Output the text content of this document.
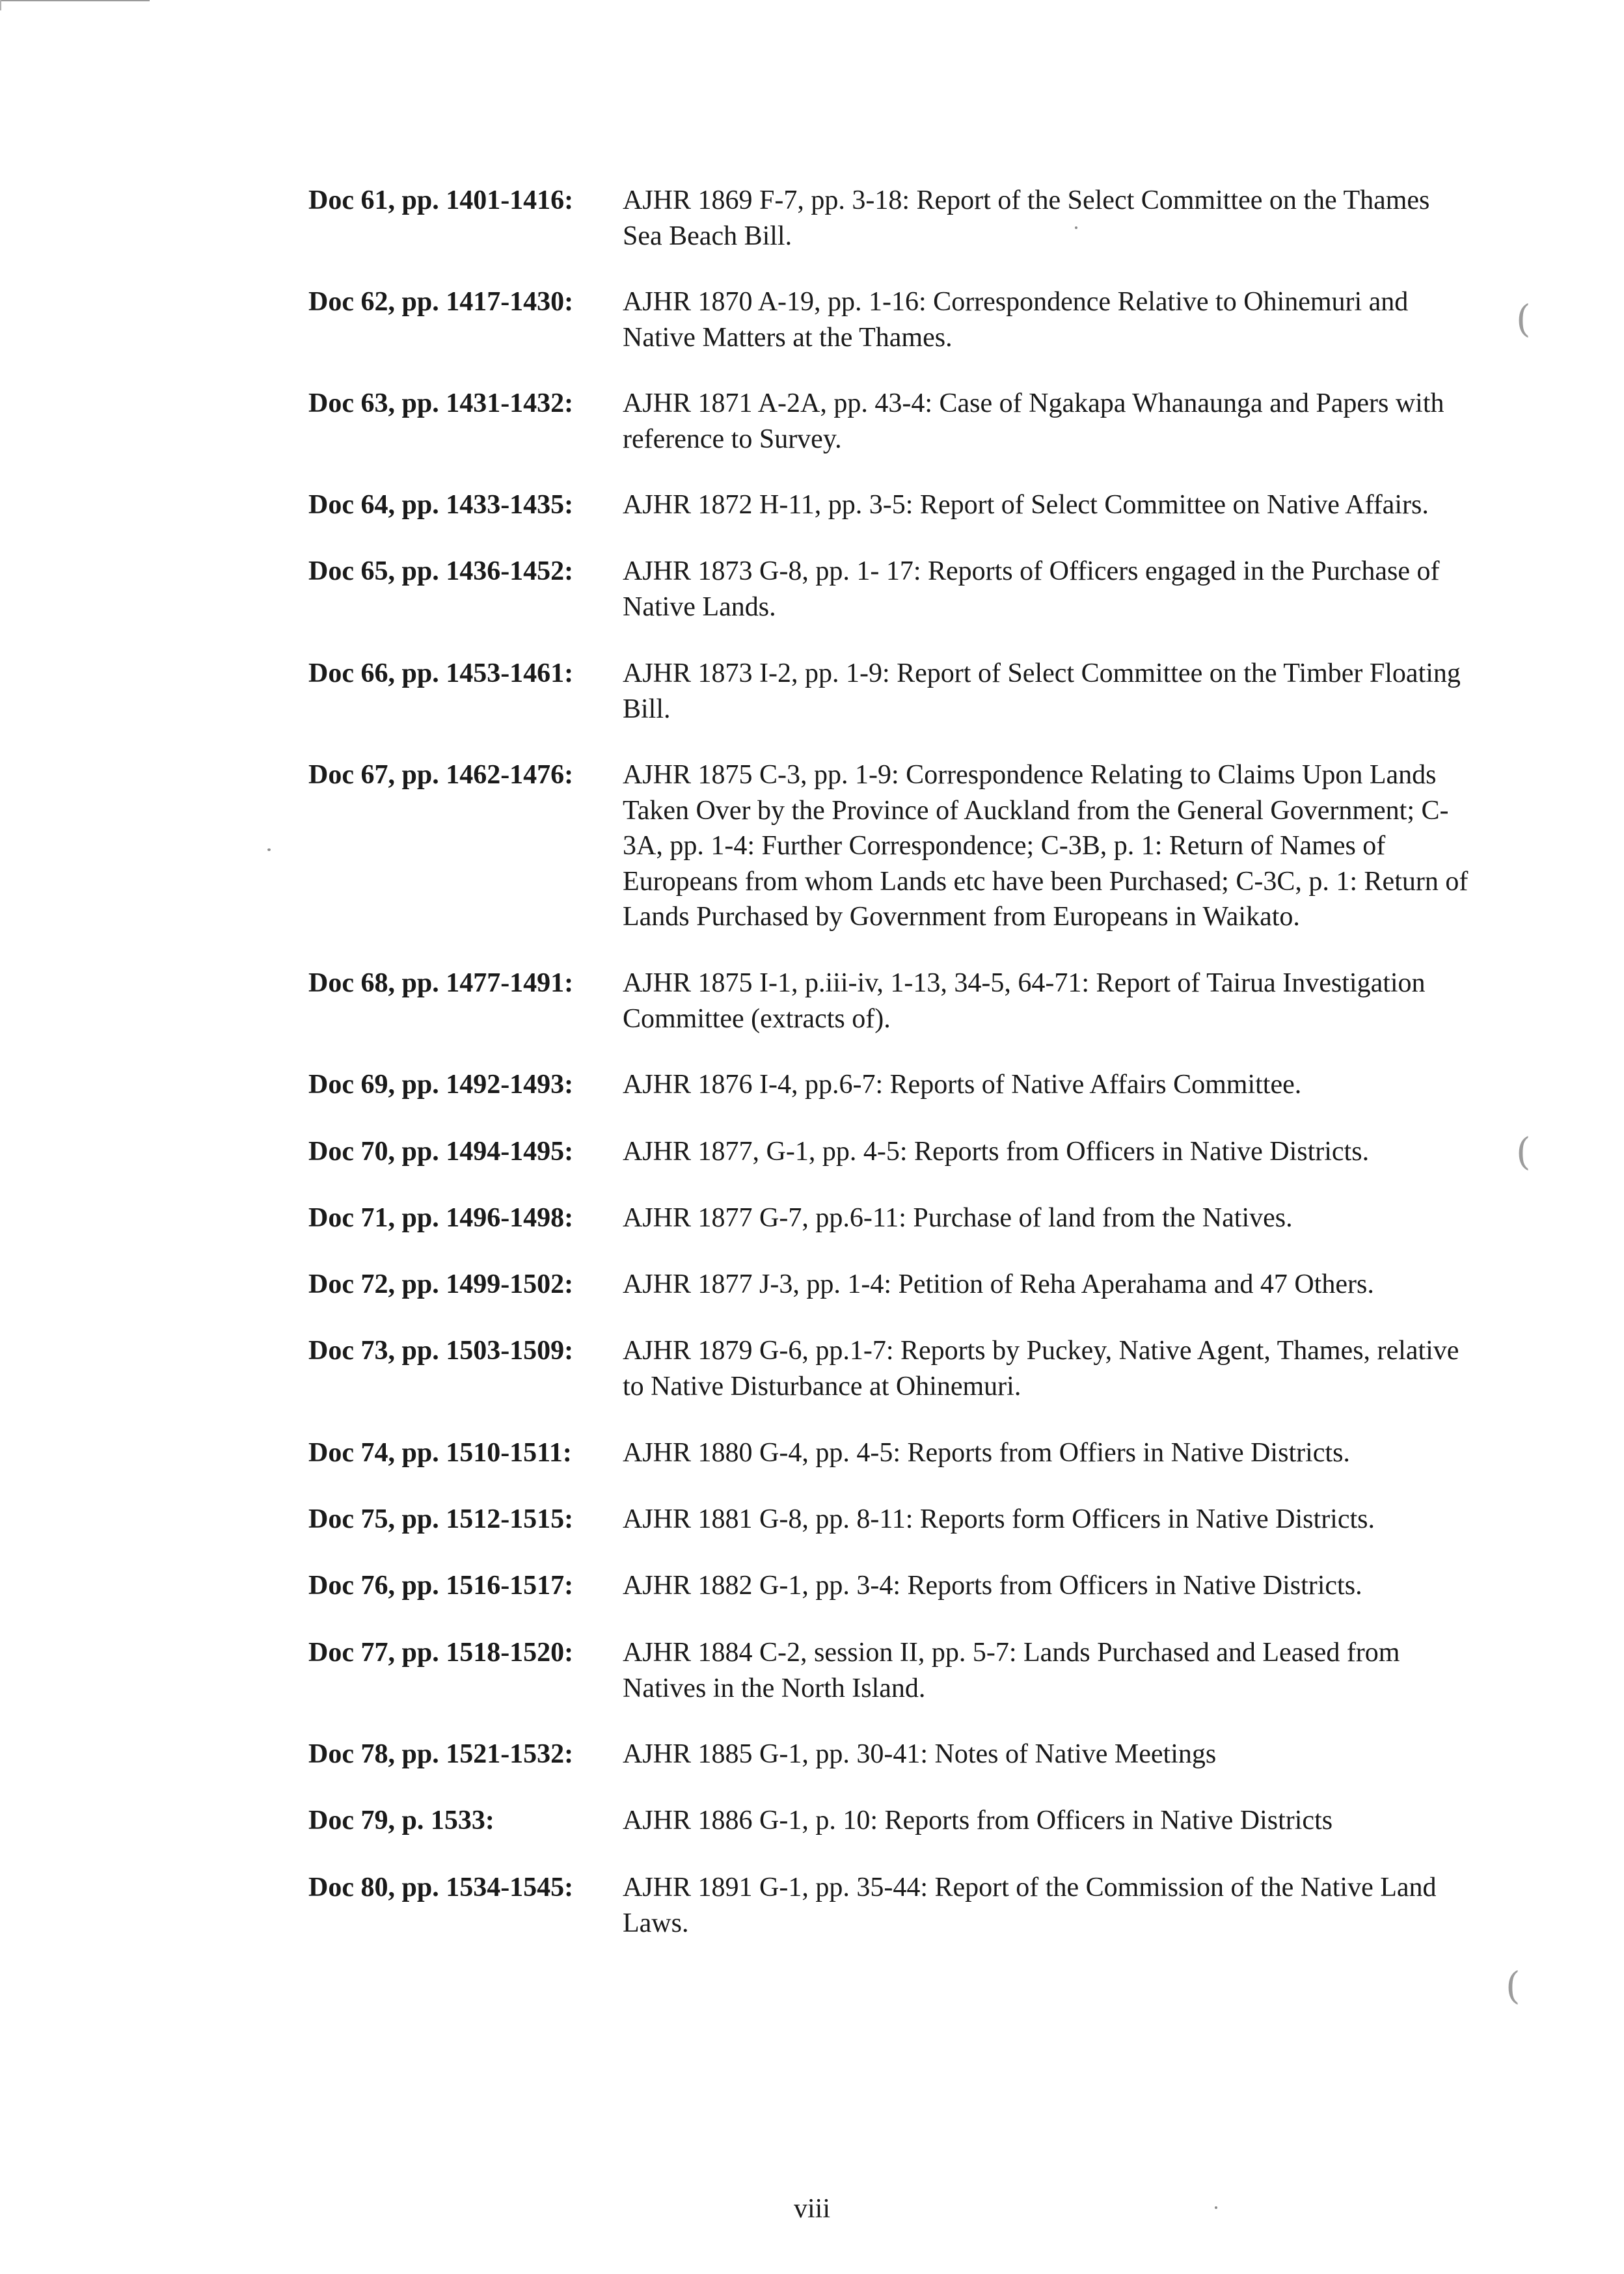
Doc 61, pp. 1401-1416:	AJHR 1869 F-7, pp. 3-18: Report of the Select Committee on the Thames Sea Beach Bill.
Doc 62, pp. 1417-1430:	AJHR 1870 A-19, pp. 1-16: Correspondence Relative to Ohinemuri and Native Matters at the Thames.
Doc 63, pp. 1431-1432:	AJHR 1871 A-2A, pp. 43-4: Case of Ngakapa Whanaunga and Papers with reference to Survey.
Doc 64, pp. 1433-1435:	AJHR 1872 H-11, pp. 3-5: Report of Select Committee on Native Affairs.
Doc 65, pp. 1436-1452:	AJHR 1873 G-8, pp. 1- 17: Reports of Officers engaged in the Purchase of Native Lands.
Doc 66, pp. 1453-1461:	AJHR 1873 I-2, pp. 1-9: Report of Select Committee on the Timber Floating Bill.
Doc 67, pp. 1462-1476:	AJHR 1875 C-3, pp. 1-9: Correspondence Relating to Claims Upon Lands Taken Over by the Province of Auckland from the General Government; C-3A, pp. 1-4: Further Correspondence; C-3B, p. 1: Return of Names of Europeans from whom Lands etc have been Purchased; C-3C, p. 1: Return of Lands Purchased by Government from Europeans in Waikato.
Doc 68, pp. 1477-1491:	AJHR 1875 I-1, p.iii-iv, 1-13, 34-5, 64-71: Report of Tairua Investigation Committee (extracts of).
Doc 69, pp. 1492-1493:	AJHR 1876 I-4, pp.6-7: Reports of Native Affairs Committee.
Doc 70, pp. 1494-1495:	AJHR 1877, G-1, pp. 4-5: Reports from Officers in Native Districts.
Doc 71, pp. 1496-1498:	AJHR 1877 G-7, pp.6-11: Purchase of land from the Natives.
Doc 72, pp. 1499-1502:	AJHR 1877 J-3, pp. 1-4: Petition of Reha Aperahama and 47 Others.
Doc 73, pp. 1503-1509:	AJHR 1879 G-6, pp.1-7: Reports by Puckey, Native Agent, Thames, relative to Native Disturbance at Ohinemuri.
Doc 74, pp. 1510-1511:	AJHR 1880 G-4, pp. 4-5: Reports from Offiers in Native Districts.
Doc 75, pp. 1512-1515:	AJHR 1881 G-8, pp. 8-11: Reports form Officers in Native Districts.
Doc 76, pp. 1516-1517:	AJHR 1882 G-1, pp. 3-4: Reports from Officers in Native Districts.
Doc 77, pp. 1518-1520:	AJHR 1884 C-2, session II, pp. 5-7: Lands Purchased and Leased from Natives in the North Island.
Doc 78, pp. 1521-1532:	AJHR 1885 G-1, pp. 30-41: Notes of Native Meetings
Doc 79, p. 1533:	AJHR 1886 G-1, p. 10: Reports from Officers in Native Districts
Doc 80, pp. 1534-1545:	AJHR 1891 G-1, pp. 35-44: Report of the Commission of the Native Land Laws.
viii
(
(
(
